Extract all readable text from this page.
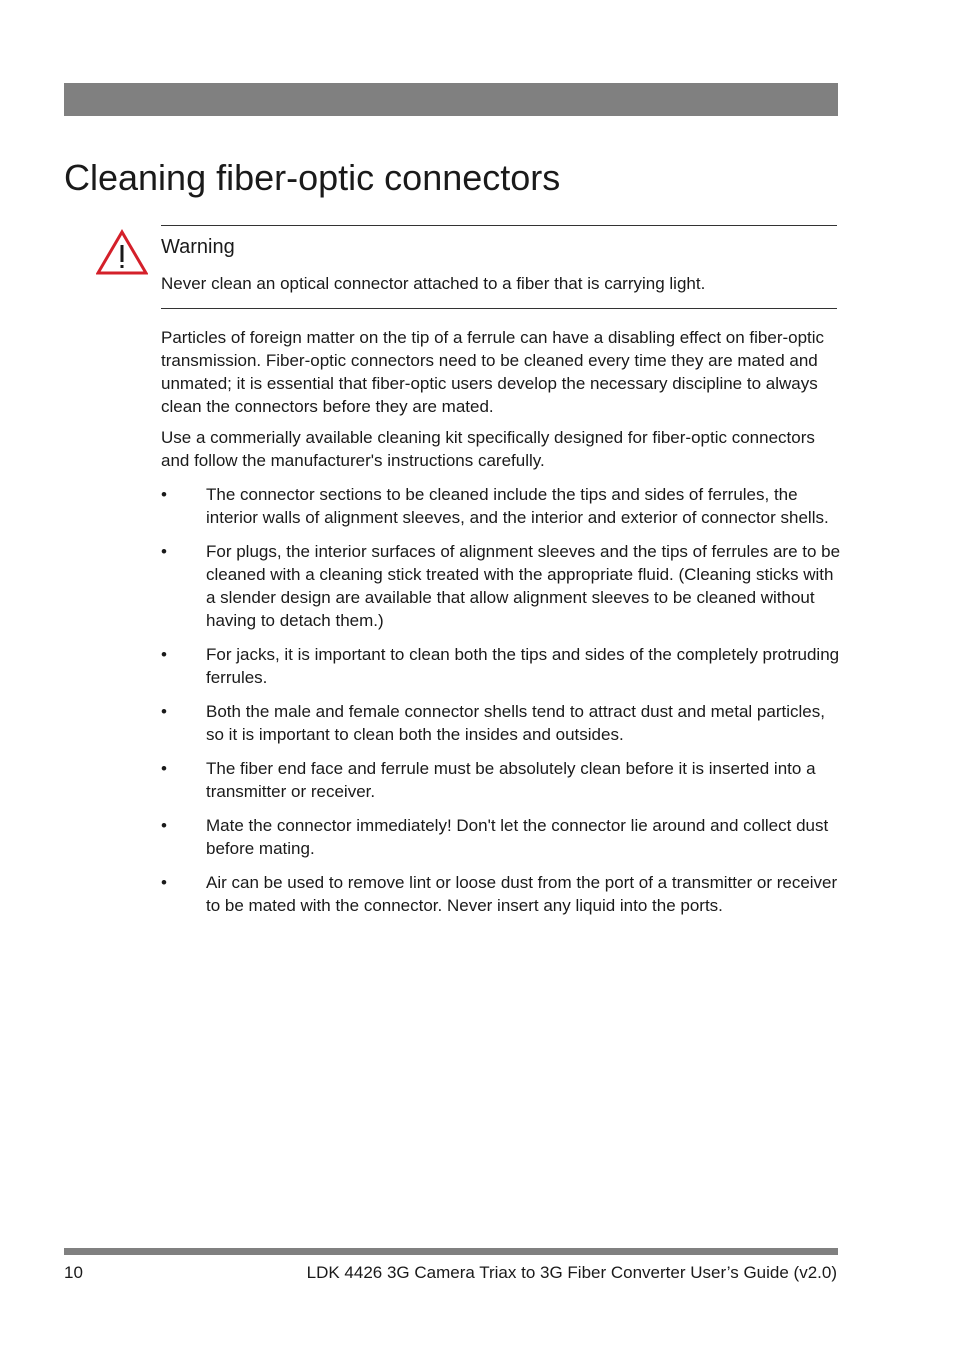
Cleaning fiber-optic connectors
Warning
Never clean an optical connector attached to a fiber that is carrying light.

Particles of foreign matter on the tip of a ferrule can have a disabling effect on fiber-optic transmission. Fiber-optic connectors need to be cleaned every time they are mated and unmated; it is essential that fiber-optic users develop the necessary discipline to always clean the connectors before they are mated.

Use a commerially available cleaning kit specifically designed for fiber-optic connectors and follow the manufacturer's instructions carefully.

• The connector sections to be cleaned include the tips and sides of ferrules, the interior walls of alignment sleeves, and the interior and exterior of connector shells.
• For plugs, the interior surfaces of alignment sleeves and the tips of ferrules are to be cleaned with a cleaning stick treated with the appropriate fluid. (Cleaning sticks with a slender design are available that allow alignment sleeves to be cleaned without having to detach them.)
• For jacks, it is important to clean both the tips and sides of the completely protruding ferrules.
• Both the male and female connector shells tend to attract dust and metal particles, so it is important to clean both the insides and outsides.
• The fiber end face and ferrule must be absolutely clean before it is inserted into a transmitter or receiver.
• Mate the connector immediately! Don't let the connector lie around and collect dust before mating.
• Air can be used to remove lint or loose dust from the port of a transmitter or receiver to be mated with the connector. Never insert any liquid into the ports.
10	LDK 4426 3G Camera Triax to 3G Fiber Converter User’s Guide (v2.0)
